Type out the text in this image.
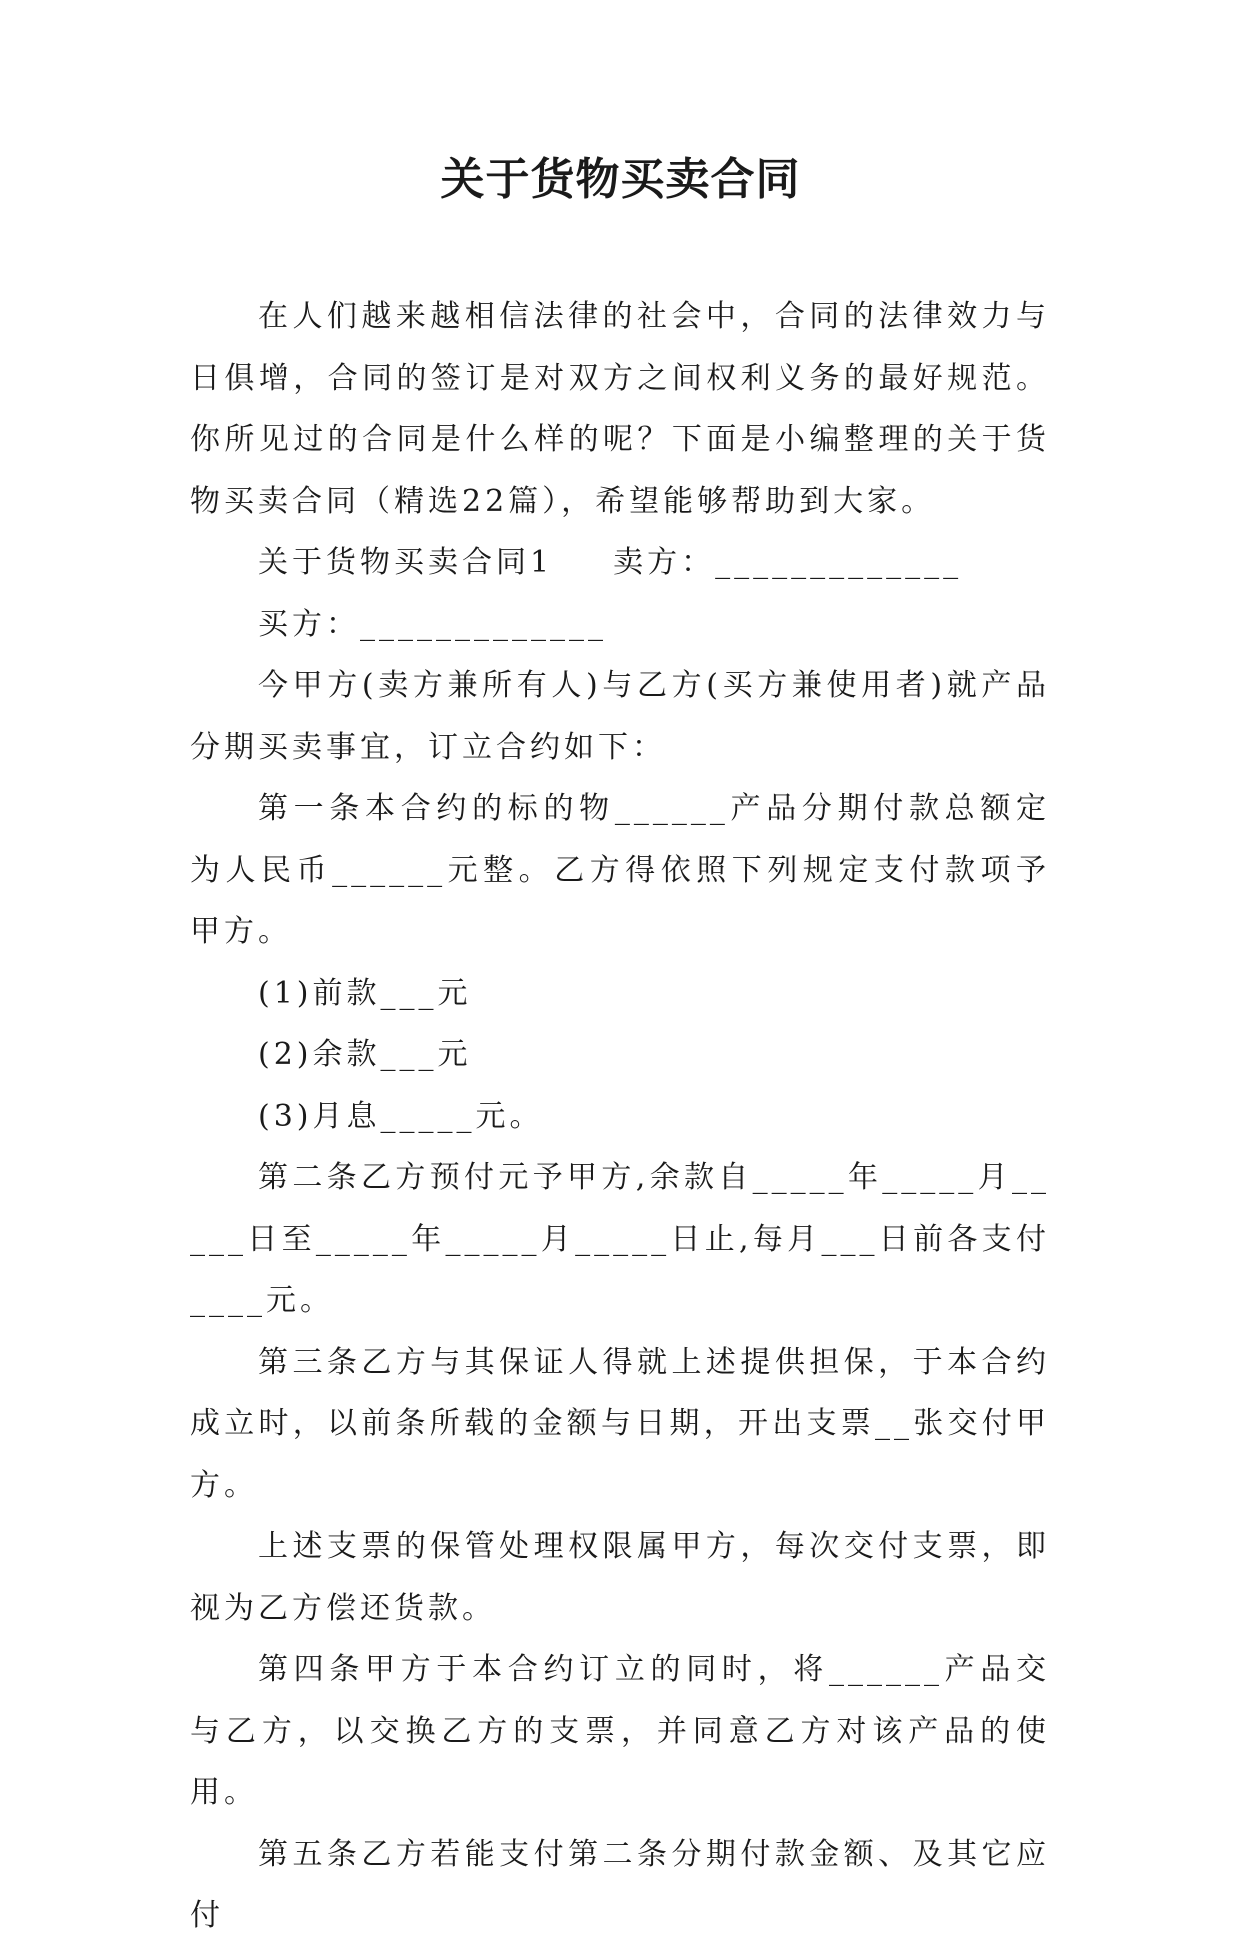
关于货物买卖合同

在人们越来越相信法律的社会中，合同的法律效力与日俱增，合同的签订是对双方之间权利义务的最好规范。你所见过的合同是什么样的呢？下面是小编整理的关于货物买卖合同（精选22篇），希望能够帮助到大家。

关于货物买卖合同1 卖方：_____________

买方：_____________

今甲方(卖方兼所有人)与乙方(买方兼使用者)就产品分期买卖事宜，订立合约如下：

第一条本合约的标的物______产品分期付款总额定为人民币______元整。乙方得依照下列规定支付款项予甲方。

(1)前款___元

(2)余款___元

(3)月息_____元。

第二条乙方预付元予甲方,余款自_____年_____月_____日至_____年_____月_____日止,每月___日前各支付____元。

第三条乙方与其保证人得就上述提供担保，于本合约成立时，以前条所载的金额与日期，开出支票__张交付甲方。

上述支票的保管处理权限属甲方，每次交付支票，即视为乙方偿还货款。

第四条甲方于本合约订立的同时，将______产品交与乙方，以交换乙方的支票，并同意乙方对该产品的使用。

第五条乙方若能支付第二条分期付款金额、及其它应付
